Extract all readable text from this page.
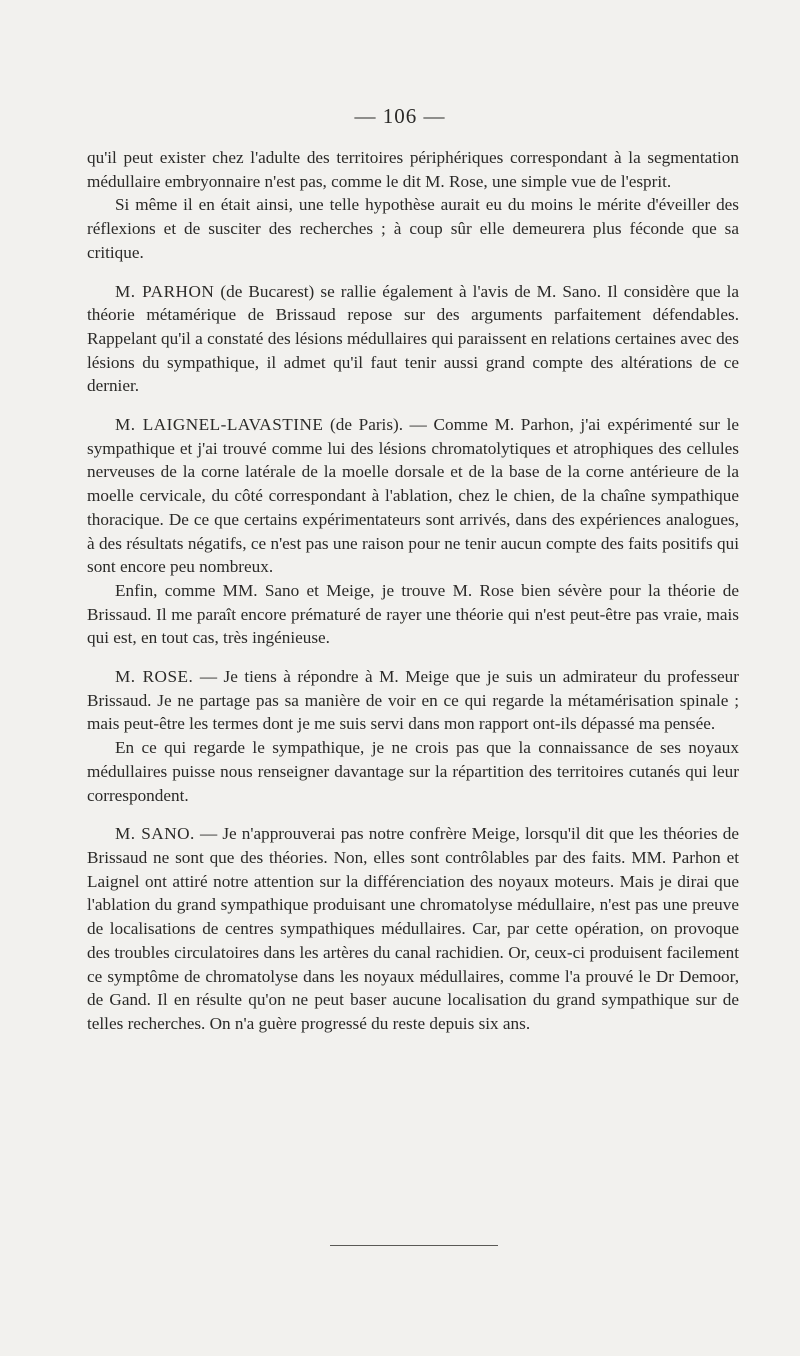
— 106 —

qu'il peut exister chez l'adulte des territoires périphériques correspondant à la segmentation médullaire embryonnaire n'est pas, comme le dit M. Rose, une simple vue de l'esprit.

Si même il en était ainsi, une telle hypothèse aurait eu du moins le mérite d'éveiller des réflexions et de susciter des recherches ; à coup sûr elle demeurera plus féconde que sa critique.

M. PARHON (de Bucarest) se rallie également à l'avis de M. Sano. Il considère que la théorie métamérique de Brissaud repose sur des arguments parfaitement défendables. Rappelant qu'il a constaté des lésions médullaires qui paraissent en relations certaines avec des lésions du sympathique, il admet qu'il faut tenir aussi grand compte des altérations de ce dernier.

M. LAIGNEL-LAVASTINE (de Paris). — Comme M. Parhon, j'ai expérimenté sur le sympathique et j'ai trouvé comme lui des lésions chromatolytiques et atrophiques des cellules nerveuses de la corne latérale de la moelle dorsale et de la base de la corne antérieure de la moelle cervicale, du côté correspondant à l'ablation, chez le chien, de la chaîne sympathique thoracique. De ce que certains expérimentateurs sont arrivés, dans des expériences analogues, à des résultats négatifs, ce n'est pas une raison pour ne tenir aucun compte des faits positifs qui sont encore peu nombreux.

Enfin, comme MM. Sano et Meige, je trouve M. Rose bien sévère pour la théorie de Brissaud. Il me paraît encore prématuré de rayer une théorie qui n'est peut-être pas vraie, mais qui est, en tout cas, très ingénieuse.

M. ROSE. — Je tiens à répondre à M. Meige que je suis un admirateur du professeur Brissaud. Je ne partage pas sa manière de voir en ce qui regarde la métamérisation spinale ; mais peut-être les termes dont je me suis servi dans mon rapport ont-ils dépassé ma pensée.

En ce qui regarde le sympathique, je ne crois pas que la connaissance de ses noyaux médullaires puisse nous renseigner davantage sur la répartition des territoires cutanés qui leur correspondent.

M. SANO. — Je n'approuverai pas notre confrère Meige, lorsqu'il dit que les théories de Brissaud ne sont que des théories. Non, elles sont contrôlables par des faits. MM. Parhon et Laignel ont attiré notre attention sur la différenciation des noyaux moteurs. Mais je dirai que l'ablation du grand sympathique produisant une chromatolyse médullaire, n'est pas une preuve de localisations de centres sympathiques médullaires. Car, par cette opération, on provoque des troubles circulatoires dans les artères du canal rachidien. Or, ceux-ci produisent facilement ce symptôme de chromatolyse dans les noyaux médullaires, comme l'a prouvé le Dr Demoor, de Gand. Il en résulte qu'on ne peut baser aucune localisation du grand sympathique sur de telles recherches. On n'a guère progressé du reste depuis six ans.
